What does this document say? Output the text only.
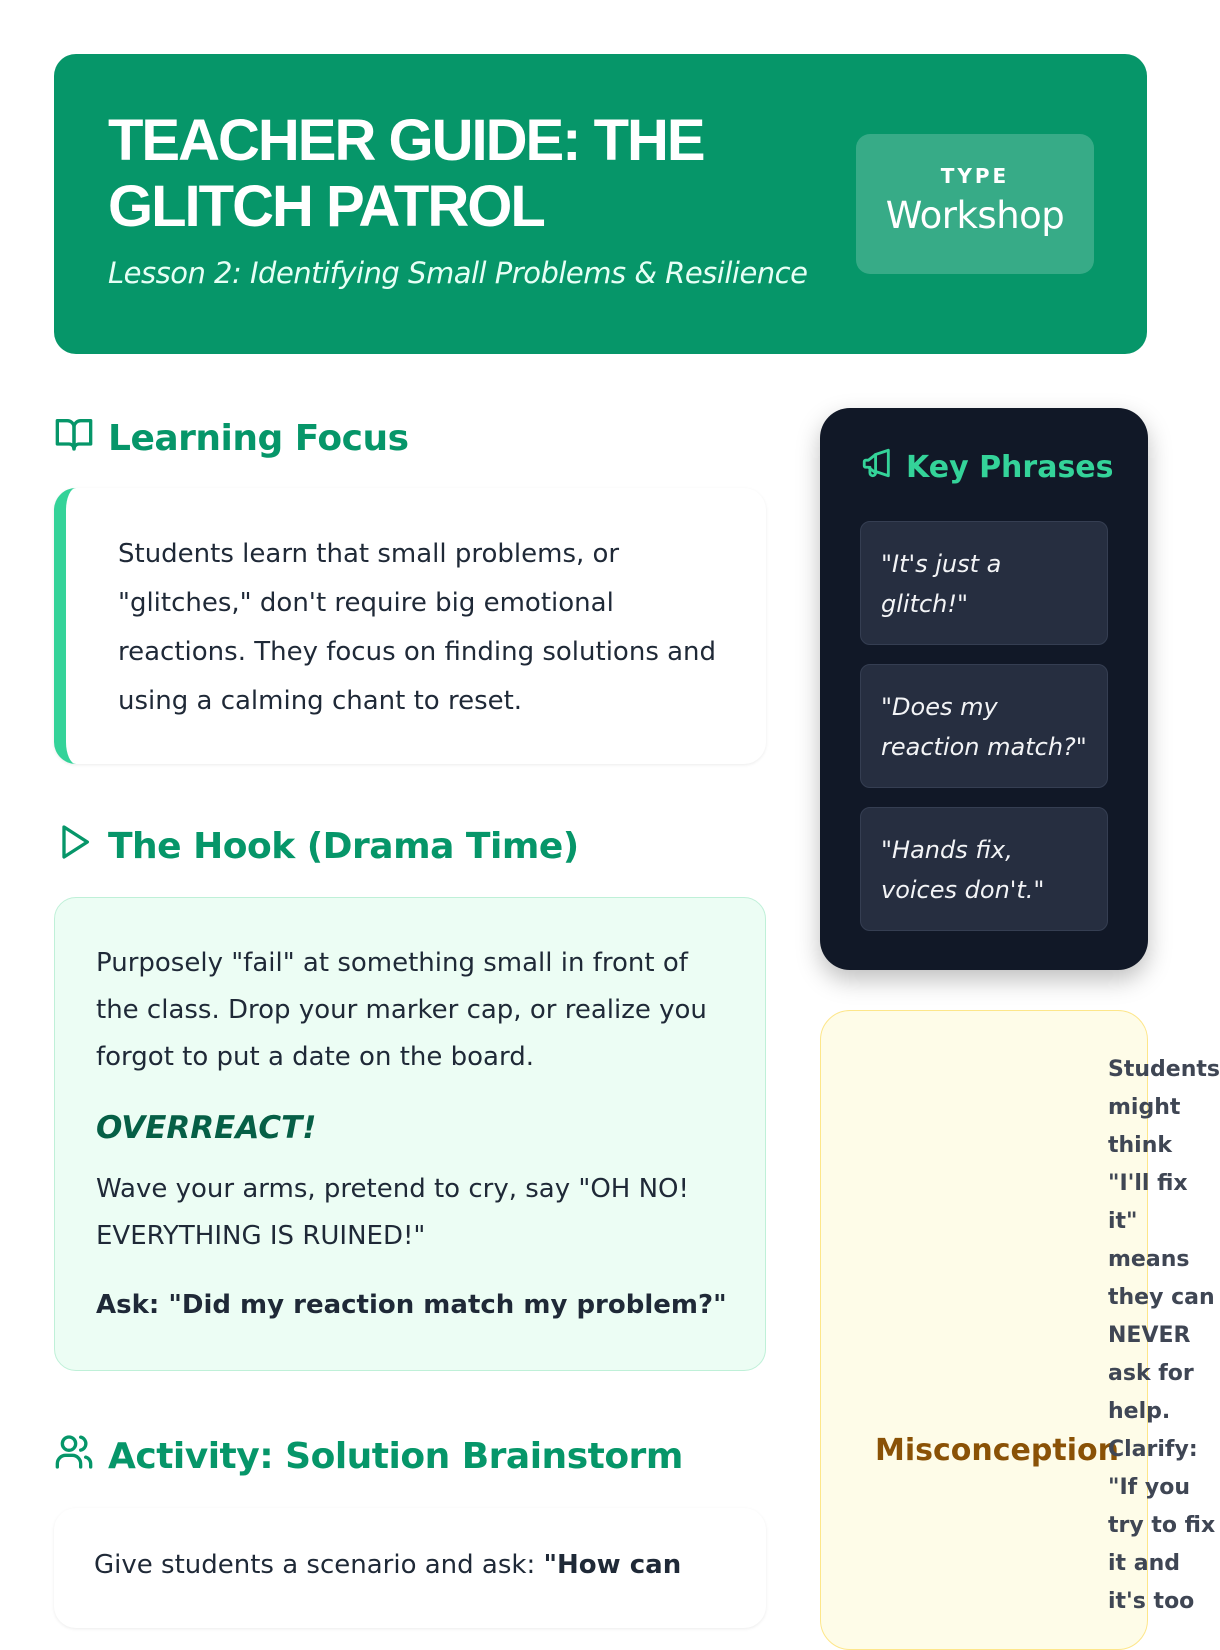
TEACHER GUIDE: THE GLITCH PATROL
Lesson 2: Identifying Small Problems & Resilience
TYPE
Workshop
Learning Focus

Students learn that small problems, or "glitches," don't require big emotional reactions. They focus on finding solutions and using a calming chant to reset.

The Hook (Drama Time)

Purposely "fail" at something small in front of the class. Drop your marker cap, or realize you forgot to put a date on the board.

OVERREACT!

Wave your arms, pretend to cry, say "OH NO! EVERYTHING IS RUINED!"

Ask: "Did my reaction match my problem?"

Activity: Solution Brainstorm

Give students a scenario and ask: "How can

Key Phrases
"It's just a glitch!"
"Does my reaction match?"
"Hands fix, voices don't."
Misconception
Students might think "I'll fix it" means they can NEVER ask for help. Clarify: "If you try to fix it and it's too
